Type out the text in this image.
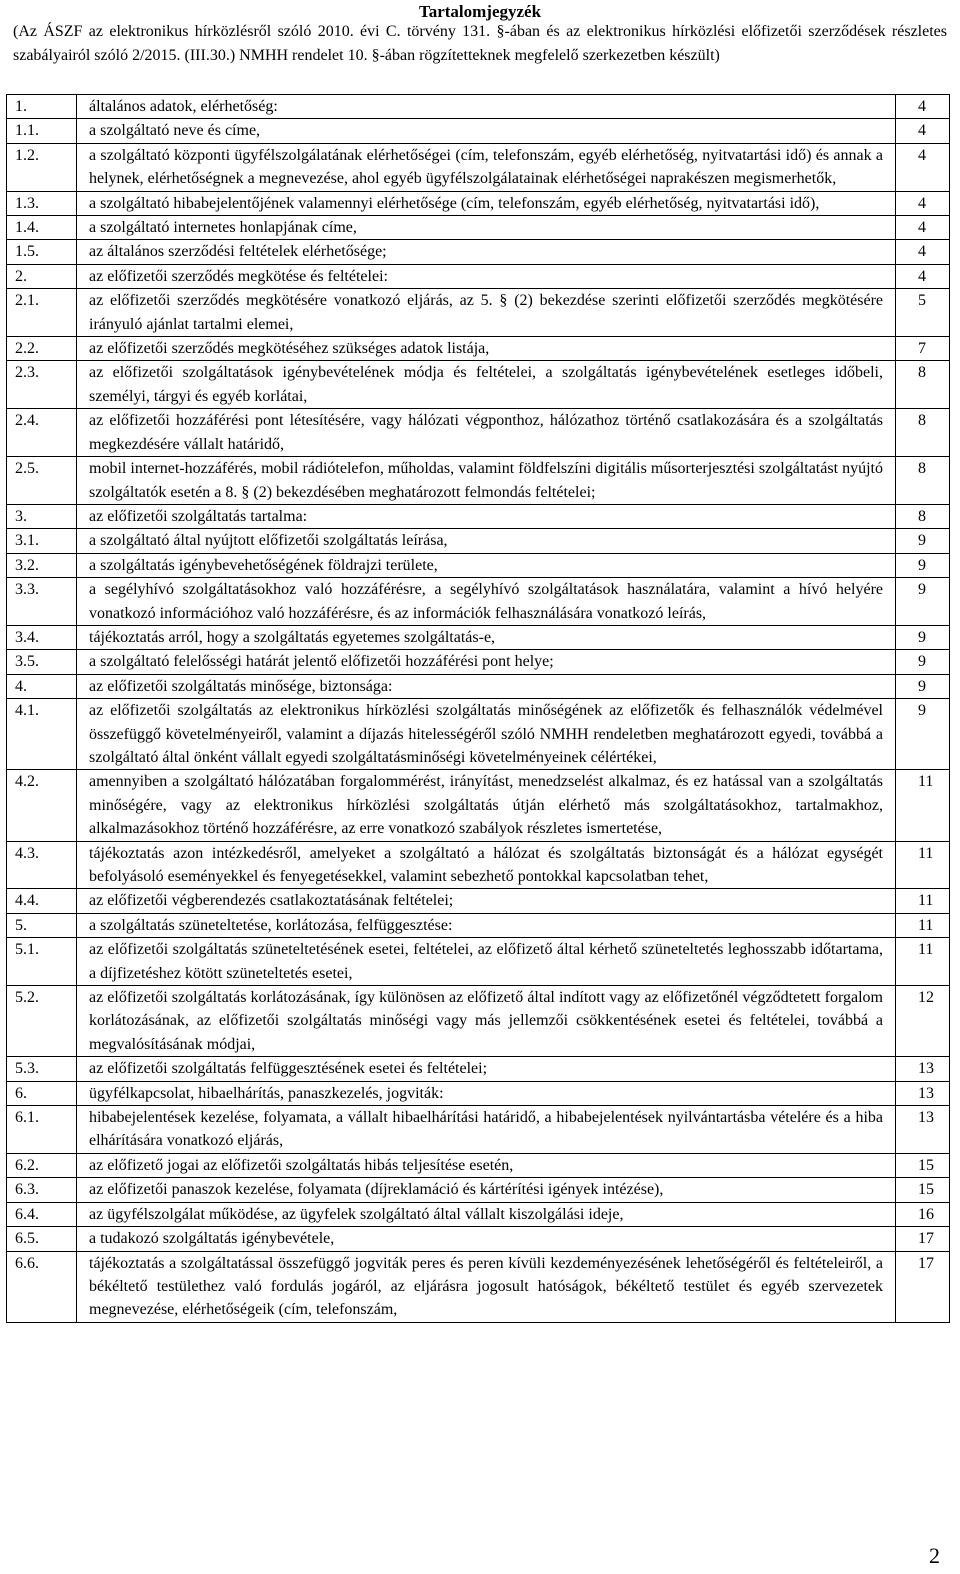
Tartalomjegyzék
(Az ÁSZF az elektronikus hírközlésről szóló 2010. évi C. törvény 131. §-ában és az elektronikus hírközlési előfizetői szerződések részletes szabályairól szóló 2/2015. (III.30.) NMHH rendelet 10. §-ában rögzítetteknek megfelelő szerkezetben készült)
1.	általános adatok, elérhetőség:	4
1.1.	a szolgáltató neve és címe,	4
1.2.	a szolgáltató központi ügyfélszolgálatának elérhetőségei (cím, telefonszám, egyéb elérhetőség, nyitvatartási idő) és annak a helynek, elérhetőségnek a megnevezése, ahol egyéb ügyfélszolgálatainak elérhetőségei naprakészen megismerhetők,	4
1.3.	a szolgáltató hibabejelentőjének valamennyi elérhetősége (cím, telefonszám, egyéb elérhetőség, nyitvatartási idő),	4
1.4.	a szolgáltató internetes honlapjának címe,	4
1.5.	az általános szerződési feltételek elérhetősége;	4
2.	az előfizetői szerződés megkötése és feltételei:	4
2.1.	az előfizetői szerződés megkötésére vonatkozó eljárás, az 5. § (2) bekezdése szerinti előfizetői szerződés megkötésére irányuló ajánlat tartalmi elemei,	5
2.2.	az előfizetői szerződés megkötéséhez szükséges adatok listája,	7
2.3.	az előfizetői szolgáltatások igénybevételének módja és feltételei, a szolgáltatás igénybevételének esetleges időbeli, személyi, tárgyi és egyéb korlátai,	8
2.4.	az előfizetői hozzáférési pont létesítésére, vagy hálózati végponthoz, hálózathoz történő csatlakozására és a szolgáltatás megkezdésére vállalt határidő,	8
2.5.	mobil internet-hozzáférés, mobil rádiótelefon, műholdas, valamint földfelszíni digitális műsorterjesztési szolgáltatást nyújtó szolgáltatók esetén a 8. § (2) bekezdésében meghatározott felmondás feltételei;	8
3.	az előfizetői szolgáltatás tartalma:	8
3.1.	a szolgáltató által nyújtott előfizetői szolgáltatás leírása,	9
3.2.	a szolgáltatás igénybevehetőségének földrajzi területe,	9
3.3.	a segélyhívó szolgáltatásokhoz való hozzáférésre, a segélyhívó szolgáltatások használatára, valamint a hívó helyére vonatkozó információhoz való hozzáférésre, és az információk felhasználására vonatkozó leírás,	9
3.4.	tájékoztatás arról, hogy a szolgáltatás egyetemes szolgáltatás-e,	9
3.5.	a szolgáltató felelősségi határát jelentő előfizetői hozzáférési pont helye;	9
4.	az előfizetői szolgáltatás minősége, biztonsága:	9
4.1.	az előfizetői szolgáltatás az elektronikus hírközlési szolgáltatás minőségének az előfizetők és felhasználók védelmével összefüggő követelményeiről, valamint a díjazás hitelességéről szóló NMHH rendeletben meghatározott egyedi, továbbá a szolgáltató által önként vállalt egyedi szolgáltatásminőségi követelményeinek célértékei,	9
4.2.	amennyiben a szolgáltató hálózatában forgalommérést, irányítást, menedzselést alkalmaz, és ez hatással van a szolgáltatás minőségére, vagy az elektronikus hírközlési szolgáltatás útján elérhető más szolgáltatásokhoz, tartalmakhoz, alkalmazásokhoz történő hozzáférésre, az erre vonatkozó szabályok részletes ismertetése,	11
4.3.	tájékoztatás azon intézkedésről, amelyeket a szolgáltató a hálózat és szolgáltatás biztonságát és a hálózat egységét befolyásoló eseményekkel és fenyegetésekkel, valamint sebezhető pontokkal kapcsolatban tehet,	11
4.4.	az előfizetői végberendezés csatlakoztatásának feltételei;	11
5.	a szolgáltatás szüneteltetése, korlátozása, felfüggesztése:	11
5.1.	az előfizetői szolgáltatás szüneteltetésének esetei, feltételei, az előfizető által kérhető szüneteltetés leghosszabb időtartama, a díjfizetéshez kötött szüneteltetés esetei,	11
5.2.	az előfizetői szolgáltatás korlátozásának, így különösen az előfizető által indított vagy az előfizetőnél végződtetett forgalom korlátozásának, az előfizetői szolgáltatás minőségi vagy más jellemzői csökkentésének esetei és feltételei, továbbá a megvalósításának módjai,	12
5.3.	az előfizetői szolgáltatás felfüggesztésének esetei és feltételei;	13
6.	ügyfélkapcsolat, hibaelhárítás, panaszkezelés, jogviták:	13
6.1.	hibabejelentések kezelése, folyamata, a vállalt hibaelhárítási határidő, a hibabejelentések nyilvántartásba vételére és a hiba elhárítására vonatkozó eljárás,	13
6.2.	az előfizető jogai az előfizetői szolgáltatás hibás teljesítése esetén,	15
6.3.	az előfizetői panaszok kezelése, folyamata (díjreklamáció és kártérítési igények intézése),	15
6.4.	az ügyfélszolgálat működése, az ügyfelek szolgáltató által vállalt kiszolgálási ideje,	16
6.5.	a tudakozó szolgáltatás igénybevétele,	17
6.6.	tájékoztatás a szolgáltatással összefüggő jogviták peres és peren kívüli kezdeményezésének lehetőségéről és feltételeiről, a békéltető testülethez való fordulás jogáról, az eljárásra jogosult hatóságok, békéltető testület és egyéb szervezetek megnevezése, elérhetőségeik (cím, telefonszám,	17
2
